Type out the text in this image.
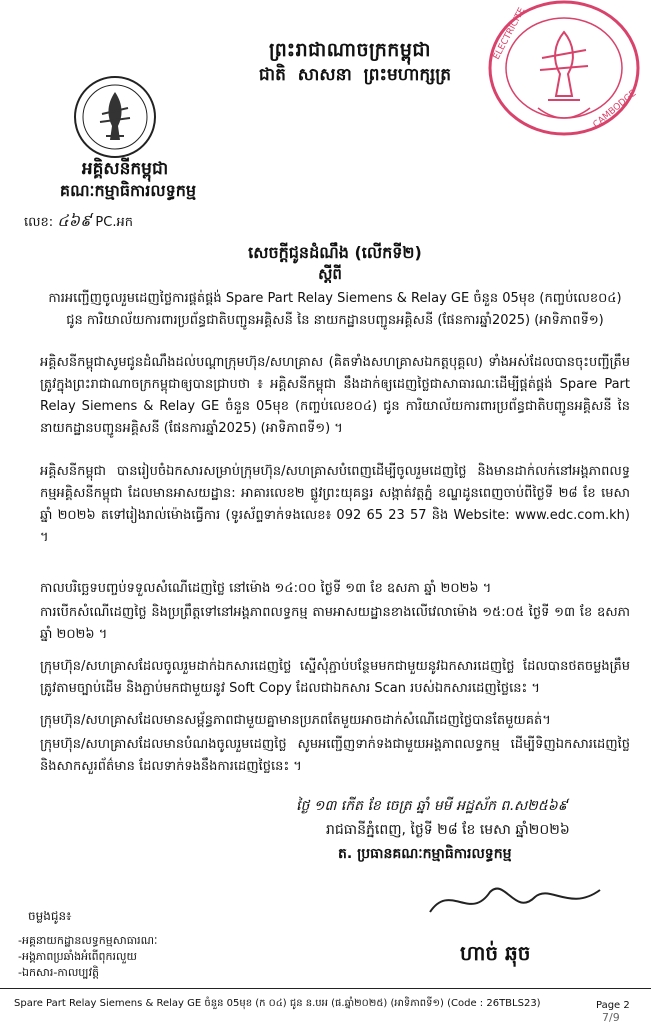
ព្រះរាជាណាចក្រកម្ពុជា
ជាតិ សាសនា ព្រះមហាក្សត្រ
ELECTRICITE
CAMBODGE
អគ្គិសនីកម្ពុជា
គណៈកម្មាធិការលទ្ធកម្ម
លេខ: ៤៦៩ PC.អក
សេចក្តីជូនដំណឹង (លើកទី២)
ស្តីពី
ការអញ្ជើញចូលរួមដេញថ្លៃការផ្គត់ផ្គង់ Spare Part Relay Siemens & Relay GE ចំនួន 05មុខ (កញ្ចប់លេខ០៤) ជូន ការិយាល័យការពារប្រព័ន្ធជាតិបញ្ជូនអគ្គិសនី នៃ នាយកដ្ឋានបញ្ជូនអគ្គិសនី (ផែនការឆ្នាំ2025) (អាទិភាពទី១)
អគ្គិសនីកម្ពុជាសូមជូនដំណឹងដល់បណ្តាក្រុមហ៊ុន/សហគ្រាស (គិតទាំងសហគ្រាសឯកត្តបុគ្គល) ទាំងអស់ដែលបានចុះបញ្ជីត្រឹមត្រូវក្នុងព្រះរាជាណាចក្រកម្ពុជាឲ្យបានជ្រាបថា ៖ អគ្គិសនីកម្ពុជា នឹងដាក់ឲ្យដេញថ្លៃជាសាធារណៈដើម្បីផ្គត់ផ្គង់ Spare Part Relay Siemens & Relay GE ចំនួន 05មុខ (កញ្ចប់លេខ០៤) ជូន ការិយាល័យការពារប្រព័ន្ធជាតិបញ្ជូនអគ្គិសនី នៃ នាយកដ្ឋានបញ្ជូនអគ្គិសនី (ផែនការឆ្នាំ2025) (អាទិភាពទី១) ។
អគ្គិសនីកម្ពុជា បានរៀបចំឯកសារសម្រាប់ក្រុមហ៊ុន/សហគ្រាសបំពេញដើម្បីចូលរួមដេញថ្លៃ និងមានដាក់លក់នៅអង្គភាពលទ្ធកម្មអគ្គិសនីកម្ពុជា ដែលមានអាសយដ្ឋាន: អាគារលេខ២ ផ្លូវព្រះយុគន្ធរ សង្កាត់វត្តភ្នំ ខណ្ឌដូនពេញចាប់ពីថ្ងៃទី ២៨ ខែ មេសា ឆ្នាំ ២០២៦ តទៅរៀងរាល់ម៉ោងធ្វើការ (ទូរស័ព្ទទាក់ទងលេខ៖ 092 65 23 57 និង Website: www.edc.com.kh) ។
កាលបរិច្ឆេទបញ្ចប់ទទួលសំណើដេញថ្លៃ នៅម៉ោង ១៤:០០ ថ្ងៃទី ១៣ ខែ ឧសភា ឆ្នាំ ២០២៦ ។
ការបើកសំណើដេញថ្លៃ និងប្រព្រឹត្តទៅនៅអង្គភាពលទ្ធកម្ម តាមអាសយដ្ឋានខាងលើវេលាម៉ោង ១៥:០៥ ថ្ងៃទី ១៣ ខែ ឧសភា ឆ្នាំ ២០២៦ ។
ក្រុមហ៊ុន/សហគ្រាសដែលចូលរួមដាក់ឯកសារដេញថ្លៃ ស្នើសុំភ្ជាប់បន្ថែមមកជាមួយនូវឯកសារដេញថ្លៃ ដែលបានថតចម្លងត្រឹមត្រូវតាមច្បាប់ដើម និងភ្ជាប់មកជាមួយនូវ Soft Copy ដែលជាឯកសារ Scan របស់ឯកសារដេញថ្លៃនេះ ។
ក្រុមហ៊ុន/សហគ្រាសដែលមានសម្ព័ន្ធភាពជាមួយគ្នាមានប្រភពតែមួយអាចដាក់សំណើដេញថ្លៃបានតែមួយគត់។
ក្រុមហ៊ុន/សហគ្រាសដែលមានបំណងចូលរួមដេញថ្លៃ សូមអញ្ជើញទាក់ទងជាមួយអង្គភាពលទ្ធកម្ម ដើម្បីទិញឯកសារដេញថ្លៃ និងសាកសួរព័ត៌មាន ដែលទាក់ទងនឹងការដេញថ្លៃនេះ ។
ថ្ងៃ ១៣ កើត ខែ ចេត្រ ឆ្នាំ មមី អដ្ឋស័ក ព.ស២៥៦៩
រាជធានីភ្នំពេញ, ថ្ងៃទី ២៨ ខែ មេសា ឆ្នាំ២០២៦
ត. ប្រធានគណៈកម្មាធិការលទ្ធកម្ម
ចម្លងជូន៖
-អគ្គនាយកដ្ឋានលទ្ធកម្មសាធារណៈ
-អង្គភាពប្រឆាំងអំពើពុករលួយ
-ឯកសារ-កាលប្បវត្តិ
ហាច់ ឆុច
Spare Part Relay Siemens & Relay GE ចំនួន 05មុខ (ក ០៤) ជូន ន.បអ (ផ.ឆ្នាំ២០២៥) (អាទិភាពទី១) (Code : 26TBLS23)	Page 2
7/9
